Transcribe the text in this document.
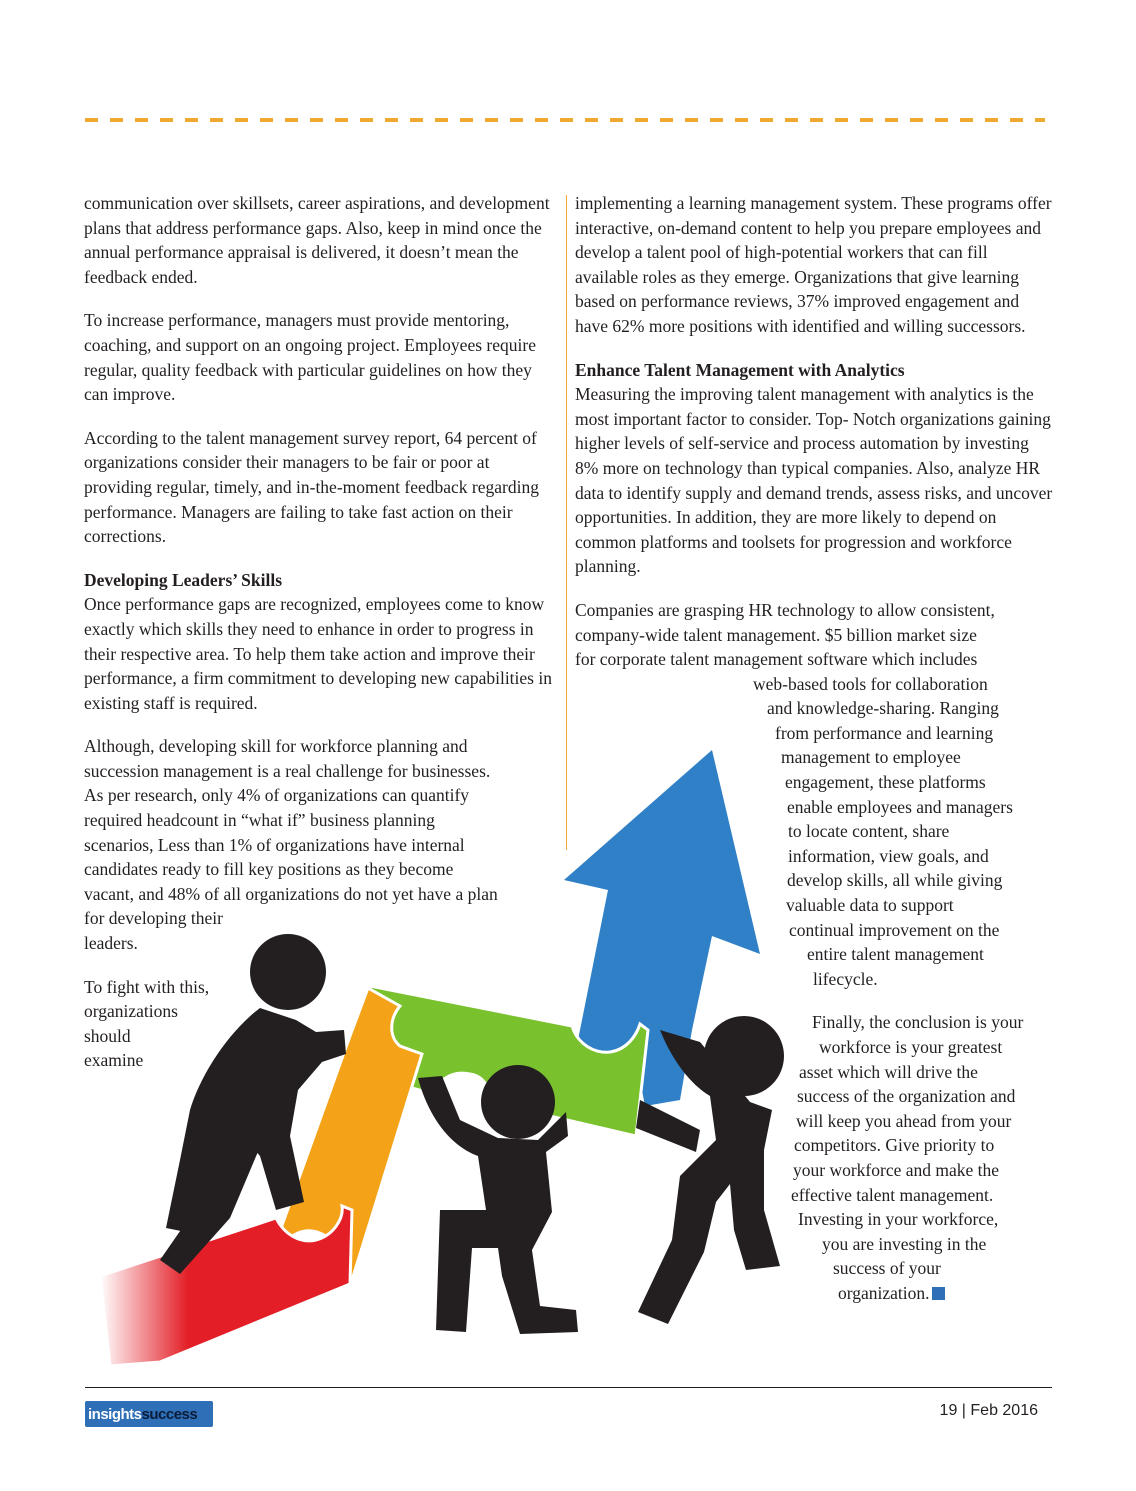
communication over skillsets, career aspirations, and development plans that address performance gaps. Also, keep in mind once the annual performance appraisal is delivered, it doesn’t mean the feedback ended.

To increase performance, managers must provide mentoring, coaching, and support on an ongoing project. Employees require regular, quality feedback with particular guidelines on how they can improve.

According to the talent management survey report, 64 percent of organizations consider their managers to be fair or poor at providing regular, timely, and in-the-moment feedback regarding performance. Managers are failing to take fast action on their corrections.

Developing Leaders’ Skills

Once performance gaps are recognized, employees come to know exactly which skills they need to enhance in order to progress in their respective area. To help them take action and improve their performance, a firm commitment to developing new capabilities in existing staff is required.

Although, developing skill for workforce planning and
succession management is a real challenge for businesses.
As per research, only 4% of organizations can quantify
required headcount in “what if” business planning
scenarios, Less than 1% of organizations have internal
candidates ready to fill key positions as they become
vacant, and 48% of all organizations do not yet have a plan
for developing their
leaders.

To fight with this,
organizations
should
examine

implementing a learning management system. These programs offer interactive, on-demand content to help you prepare employees and develop a talent pool of high-potential workers that can fill available roles as they emerge. Organizations that give learning based on performance reviews, 37% improved engagement and have 62% more positions with identified and willing successors.

Enhance Talent Management with Analytics

Measuring the improving talent management with analytics is the most important factor to consider. Top- Notch organizations gaining higher levels of self-service and process automation by investing 8% more on technology than typical companies. Also, analyze HR data to identify supply and demand trends, assess risks, and uncover opportunities. In addition, they are more likely to depend on common platforms and toolsets for progression and workforce planning.

Companies are grasping HR technology to allow consistent,
company-wide talent management. $5 billion market size
for corporate talent management software which includes
web-based tools for collaboration
and knowledge-sharing. Ranging
from performance and learning
management to employee
engagement, these platforms
enable employees and managers
to locate content, share
information, view goals, and
develop skills, all while giving
valuable data to support
continual improvement on the
entire talent management
lifecycle.

Finally, the conclusion is your
workforce is your greatest
asset which will drive the
success of the organization and
will keep you ahead from your
competitors. Give priority to
your workforce and make the
effective talent management.
Investing in your workforce,
you are investing in the
success of your
organization.

insights success	19 | Feb 2016
